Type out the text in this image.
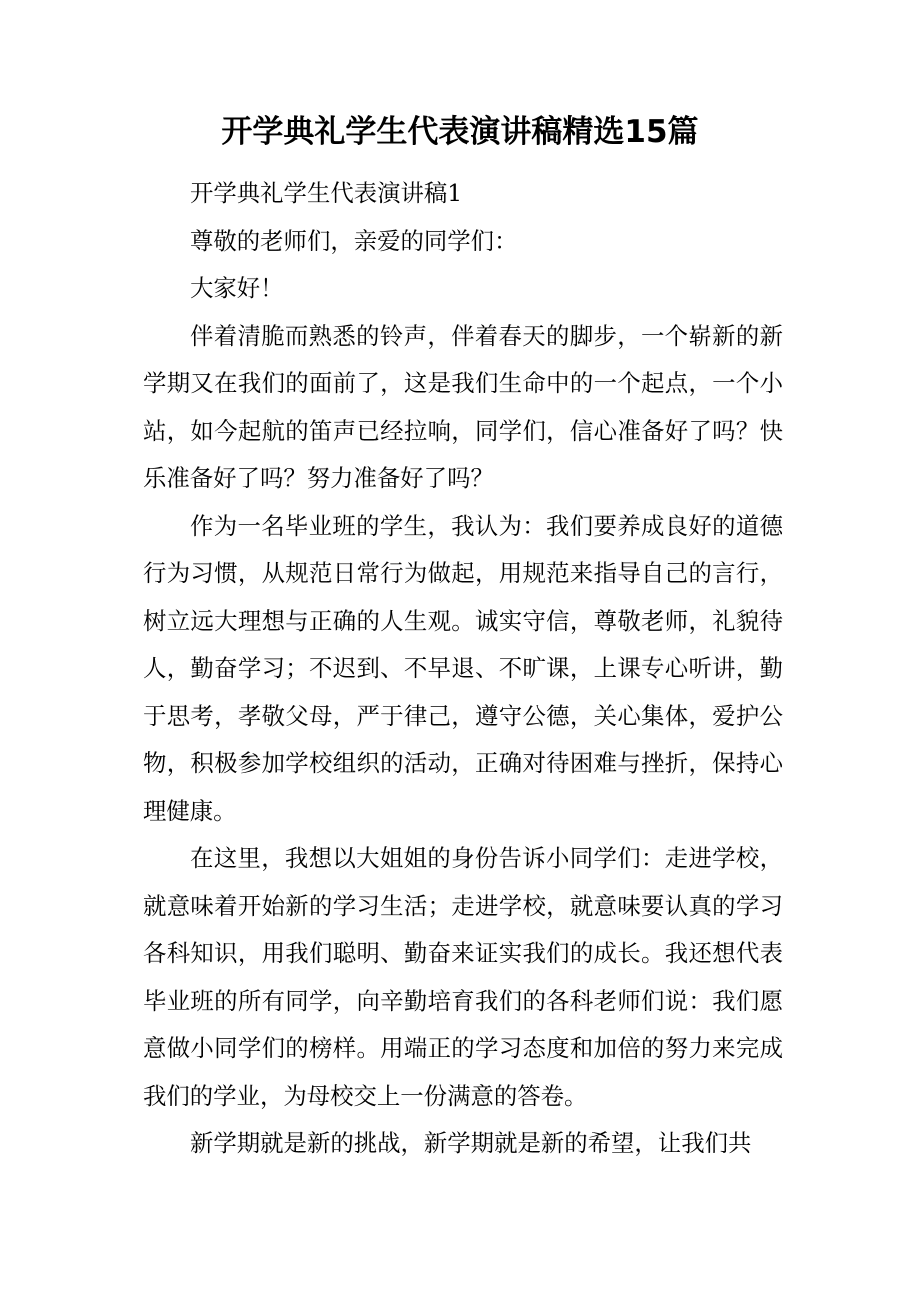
开学典礼学生代表演讲稿精选15篇

开学典礼学生代表演讲稿1

尊敬的老师们，亲爱的同学们：

大家好！

伴着清脆而熟悉的铃声，伴着春天的脚步，一个崭新的新学期又在我们的面前了，这是我们生命中的一个起点，一个小站，如今起航的笛声已经拉响，同学们，信心准备好了吗？快乐准备好了吗？努力准备好了吗？

作为一名毕业班的学生，我认为：我们要养成良好的道德行为习惯，从规范日常行为做起，用规范来指导自己的言行，树立远大理想与正确的人生观。诚实守信，尊敬老师，礼貌待人，勤奋学习；不迟到、不早退、不旷课，上课专心听讲，勤于思考，孝敬父母，严于律己，遵守公德，关心集体，爱护公物，积极参加学校组织的活动，正确对待困难与挫折，保持心理健康。

在这里，我想以大姐姐的身份告诉小同学们：走进学校，就意味着开始新的学习生活；走进学校，就意味要认真的学习各科知识，用我们聪明、勤奋来证实我们的成长。我还想代表毕业班的所有同学，向辛勤培育我们的各科老师们说：我们愿意做小同学们的榜样。用端正的学习态度和加倍的努力来完成我们的学业，为母校交上一份满意的答卷。

新学期就是新的挑战，新学期就是新的希望，让我们共
